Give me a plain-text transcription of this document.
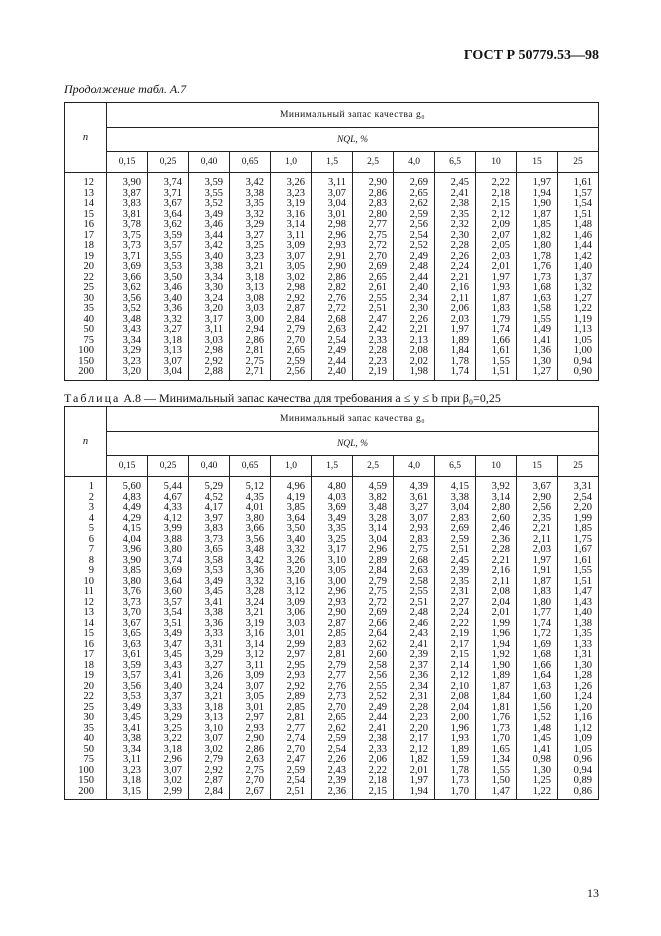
ГОСТ Р 50779.53—98
Продолжение табл. А.7
n	Минимальный запас качества g₀											
	NQL, %											
	0,15	0,25	0,40	0,65	1,0	1,5	2,5	4,0	6,5	10	15	25
12	3,90	3,74	3,59	3,42	3,26	3,11	2,90	2,69	2,45	2,22	1,97	1,61
13	3,87	3,71	3,55	3,38	3,23	3,07	2,86	2,65	2,41	2,18	1,94	1,57
14	3,83	3,67	3,52	3,35	3,19	3,04	2,83	2,62	2,38	2,15	1,90	1,54
15	3,81	3,64	3,49	3,32	3,16	3,01	2,80	2,59	2,35	2,12	1,87	1,51
16	3,78	3,62	3,46	3,29	3,14	2,98	2,77	2,56	2,32	2,09	1,85	1,48
17	3,75	3,59	3,44	3,27	3,11	2,96	2,75	2,54	2,30	2,07	1,82	1,46
18	3,73	3,57	3,42	3,25	3,09	2,93	2,72	2,52	2,28	2,05	1,80	1,44
19	3,71	3,55	3,40	3,23	3,07	2,91	2,70	2,49	2,26	2,03	1,78	1,42
20	3,69	3,53	3,38	3,21	3,05	2,90	2,69	2,48	2,24	2,01	1,76	1,40
22	3,66	3,50	3,34	3,18	3,02	2,86	2,65	2,44	2,21	1,97	1,73	1,37
25	3,62	3,46	3,30	3,13	2,98	2,82	2,61	2,40	2,16	1,93	1,68	1,32
30	3,56	3,40	3,24	3,08	2,92	2,76	2,55	2,34	2,11	1,87	1,63	1,27
35	3,52	3,36	3,20	3,03	2,87	2,72	2,51	2,30	2,06	1,83	1,58	1,22
40	3,48	3,32	3,17	3,00	2,84	2,68	2,47	2,26	2,03	1,79	1,55	1,19
50	3,43	3,27	3,11	2,94	2,79	2,63	2,42	2,21	1,97	1,74	1,49	1,13
75	3,34	3,18	3,03	2,86	2,70	2,54	2,33	2,13	1,89	1,66	1,41	1,05
100	3,29	3,13	2,98	2,81	2,65	2,49	2,28	2,08	1,84	1,61	1,36	1,00
150	3,23	3,07	2,92	2,75	2,59	2,44	2,23	2,02	1,78	1,55	1,30	0,94
200	3,20	3,04	2,88	2,71	2,56	2,40	2,19	1,98	1,74	1,51	1,27	0,90
Таблица А.8 — Минимальный запас качества для требования a ≤ y ≤ b при β₀=0,25
n	Минимальный запас качества g₀											
	NQL, %											
	0,15	0,25	0,40	0,65	1,0	1,5	2,5	4,0	6,5	10	15	25
1	5,60	5,44	5,29	5,12	4,96	4,80	4,59	4,39	4,15	3,92	3,67	3,31
2	4,83	4,67	4,52	4,35	4,19	4,03	3,82	3,61	3,38	3,14	2,90	2,54
3	4,49	4,33	4,17	4,01	3,85	3,69	3,48	3,27	3,04	2,80	2,56	2,20
4	4,29	4,12	3,97	3,80	3,64	3,49	3,28	3,07	2,83	2,60	2,35	1,99
5	4,15	3,99	3,83	3,66	3,50	3,35	3,14	2,93	2,69	2,46	2,21	1,85
6	4,04	3,88	3,73	3,56	3,40	3,25	3,04	2,83	2,59	2,36	2,11	1,75
7	3,96	3,80	3,65	3,48	3,32	3,17	2,96	2,75	2,51	2,28	2,03	1,67
8	3,90	3,74	3,58	3,42	3,26	3,10	2,89	2,68	2,45	2,21	1,97	1,61
9	3,85	3,69	3,53	3,36	3,20	3,05	2,84	2,63	2,39	2,16	1,91	1,55
10	3,80	3,64	3,49	3,32	3,16	3,00	2,79	2,58	2,35	2,11	1,87	1,51
11	3,76	3,60	3,45	3,28	3,12	2,96	2,75	2,55	2,31	2,08	1,83	1,47
12	3,73	3,57	3,41	3,24	3,09	2,93	2,72	2,51	2,27	2,04	1,80	1,43
13	3,70	3,54	3,38	3,21	3,06	2,90	2,69	2,48	2,24	2,01	1,77	1,40
14	3,67	3,51	3,36	3,19	3,03	2,87	2,66	2,46	2,22	1,99	1,74	1,38
15	3,65	3,49	3,33	3,16	3,01	2,85	2,64	2,43	2,19	1,96	1,72	1,35
16	3,63	3,47	3,31	3,14	2,99	2,83	2,62	2,41	2,17	1,94	1,69	1,33
17	3,61	3,45	3,29	3,12	2,97	2,81	2,60	2,39	2,15	1,92	1,68	1,31
18	3,59	3,43	3,27	3,11	2,95	2,79	2,58	2,37	2,14	1,90	1,66	1,30
19	3,57	3,41	3,26	3,09	2,93	2,77	2,56	2,36	2,12	1,89	1,64	1,28
20	3,56	3,40	3,24	3,07	2,92	2,76	2,55	2,34	2,10	1,87	1,63	1,26
22	3,53	3,37	3,21	3,05	2,89	2,73	2,52	2,31	2,08	1,84	1,60	1,24
25	3,49	3,33	3,18	3,01	2,85	2,70	2,49	2,28	2,04	1,81	1,56	1,20
30	3,45	3,29	3,13	2,97	2,81	2,65	2,44	2,23	2,00	1,76	1,52	1,16
35	3,41	3,25	3,10	2,93	2,77	2,62	2,41	2,20	1,96	1,73	1,48	1,12
40	3,38	3,22	3,07	2,90	2,74	2,59	2,38	2,17	1,93	1,70	1,45	1,09
50	3,34	3,18	3,02	2,86	2,70	2,54	2,33	2,12	1,89	1,65	1,41	1,05
75	3,11	2,96	2,79	2,63	2,47	2,26	2,06	1,82	1,59	1,34	0,98	0,96
100	3,23	3,07	2,92	2,75	2,59	2,43	2,22	2,01	1,78	1,55	1,30	0,94
150	3,18	3,02	2,87	2,70	2,54	2,39	2,18	1,97	1,73	1,50	1,25	0,89
200	3,15	2,99	2,84	2,67	2,51	2,36	2,15	1,94	1,70	1,47	1,22	0,86
13
